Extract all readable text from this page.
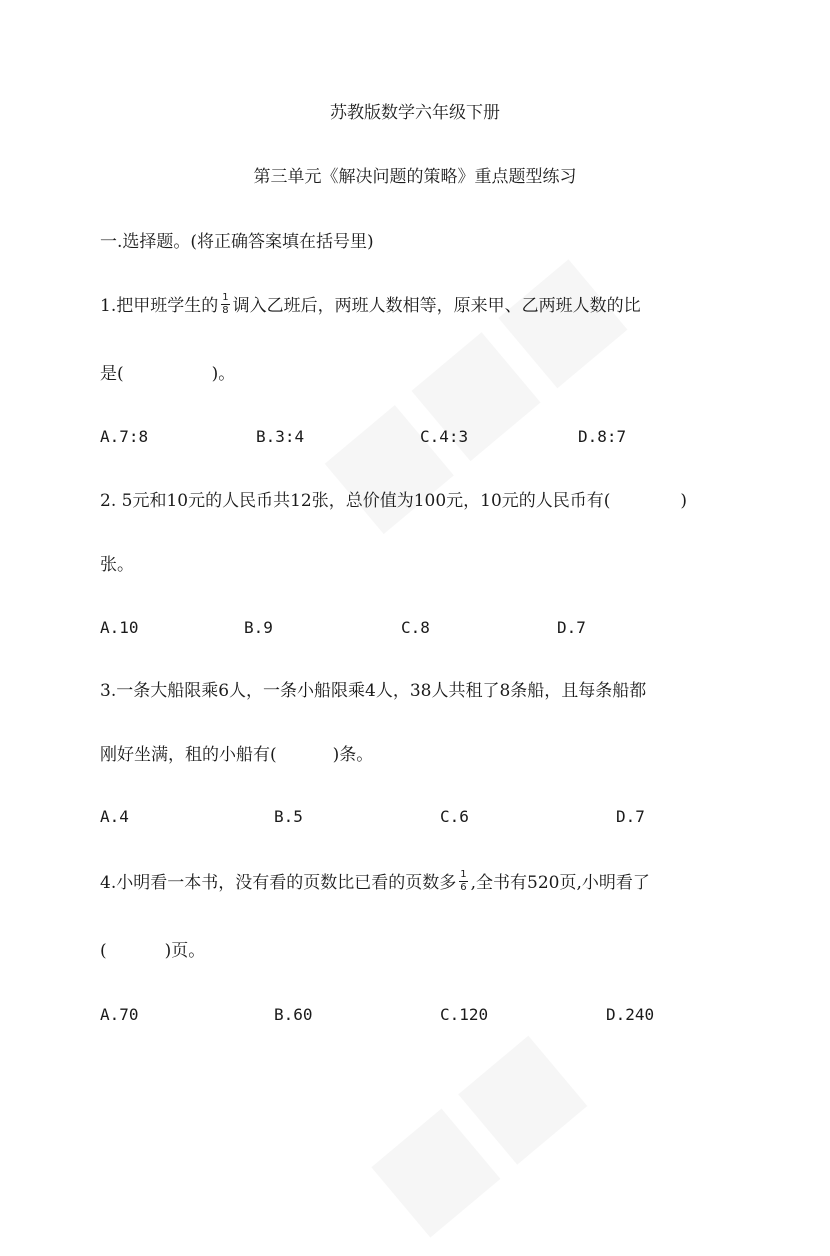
苏教版数学六年级下册
第三单元《解决问题的策略》重点题型练习
一.选择题。(将正确答案填在括号里)
1.把甲班学生的 $\frac{1}{8}$ 调入乙班后，两班人数相等，原来甲、乙两班人数的比
是(	)。
A.7:8	B.3:4	C.4:3	D.8:7
2. 5元和10元的人民币共12张，总价值为100元，10元的人民币有(	)
张。
A.10	B.9	C.8	D.7
3.一条大船限乘6人，一条小船限乘4人，38人共租了8条船，且每条船都
刚好坐满，租的小船有(	)条。
A.4	B.5	C.6	D.7
4.小明看一本书，没有看的页数比已看的页数多 $\frac{1}{6}$ ,全书有520页,小明看了
(	)页。
A.70	B.60	C.120	D.240
